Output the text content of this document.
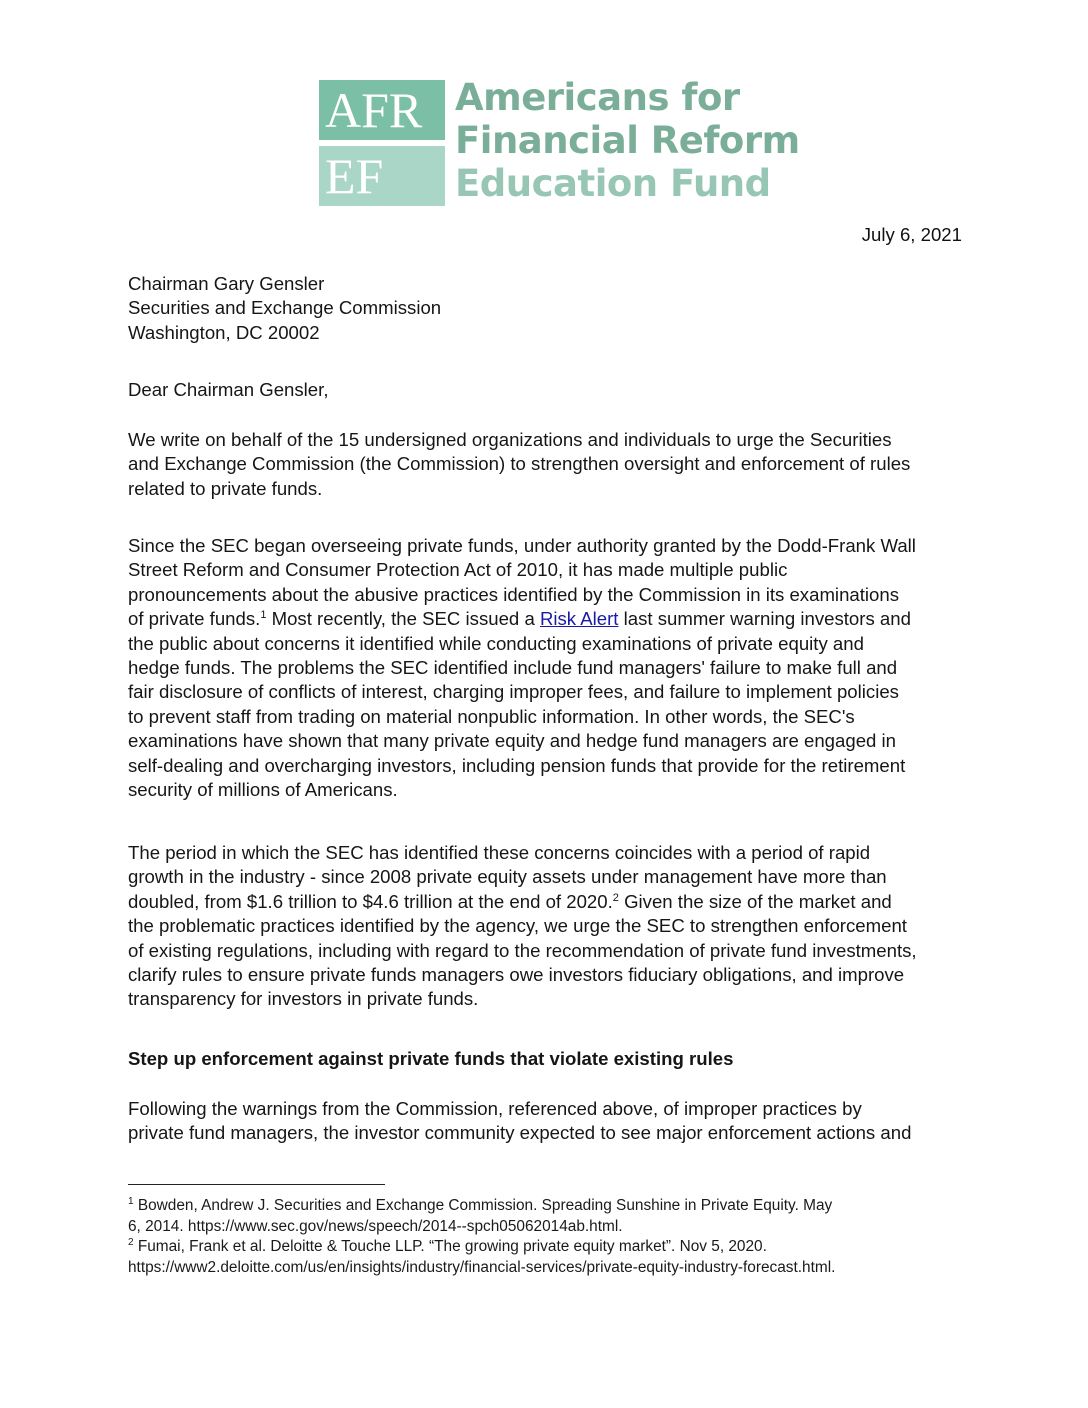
AFR
EF
Americans for
Financial Reform
Education Fund
July 6, 2021
Chairman Gary Gensler
Securities and Exchange Commission
Washington, DC 20002
Dear Chairman Gensler,
We write on behalf of the 15 undersigned organizations and individuals to urge the Securities
and Exchange Commission (the Commission) to strengthen oversight and enforcement of rules
related to private funds.
Since the SEC began overseeing private funds, under authority granted by the Dodd-Frank Wall
Street Reform and Consumer Protection Act of 2010, it has made multiple public
pronouncements about the abusive practices identified by the Commission in its examinations
of private funds.$^1$ Most recently, the SEC issued a Risk Alert last summer warning investors and
the public about concerns it identified while conducting examinations of private equity and
hedge funds. The problems the SEC identified include fund managers' failure to make full and
fair disclosure of conflicts of interest, charging improper fees, and failure to implement policies
to prevent staff from trading on material nonpublic information. In other words, the SEC's
examinations have shown that many private equity and hedge fund managers are engaged in
self-dealing and overcharging investors, including pension funds that provide for the retirement
security of millions of Americans.
The period in which the SEC has identified these concerns coincides with a period of rapid
growth in the industry - since 2008 private equity assets under management have more than
doubled, from $1.6 trillion to $4.6 trillion at the end of 2020.$^2$ Given the size of the market and
the problematic practices identified by the agency, we urge the SEC to strengthen enforcement
of existing regulations, including with regard to the recommendation of private fund investments,
clarify rules to ensure private funds managers owe investors fiduciary obligations, and improve
transparency for investors in private funds.
Step up enforcement against private funds that violate existing rules
Following the warnings from the Commission, referenced above, of improper practices by
private fund managers, the investor community expected to see major enforcement actions and
$^1$ Bowden, Andrew J. Securities and Exchange Commission. Spreading Sunshine in Private Equity. May
6, 2014. https://www.sec.gov/news/speech/2014--spch05062014ab.html.
$^2$ Fumai, Frank et al. Deloitte & Touche LLP. “The growing private equity market”. Nov 5, 2020.
https://www2.deloitte.com/us/en/insights/industry/financial-services/private-equity-industry-forecast.html.
